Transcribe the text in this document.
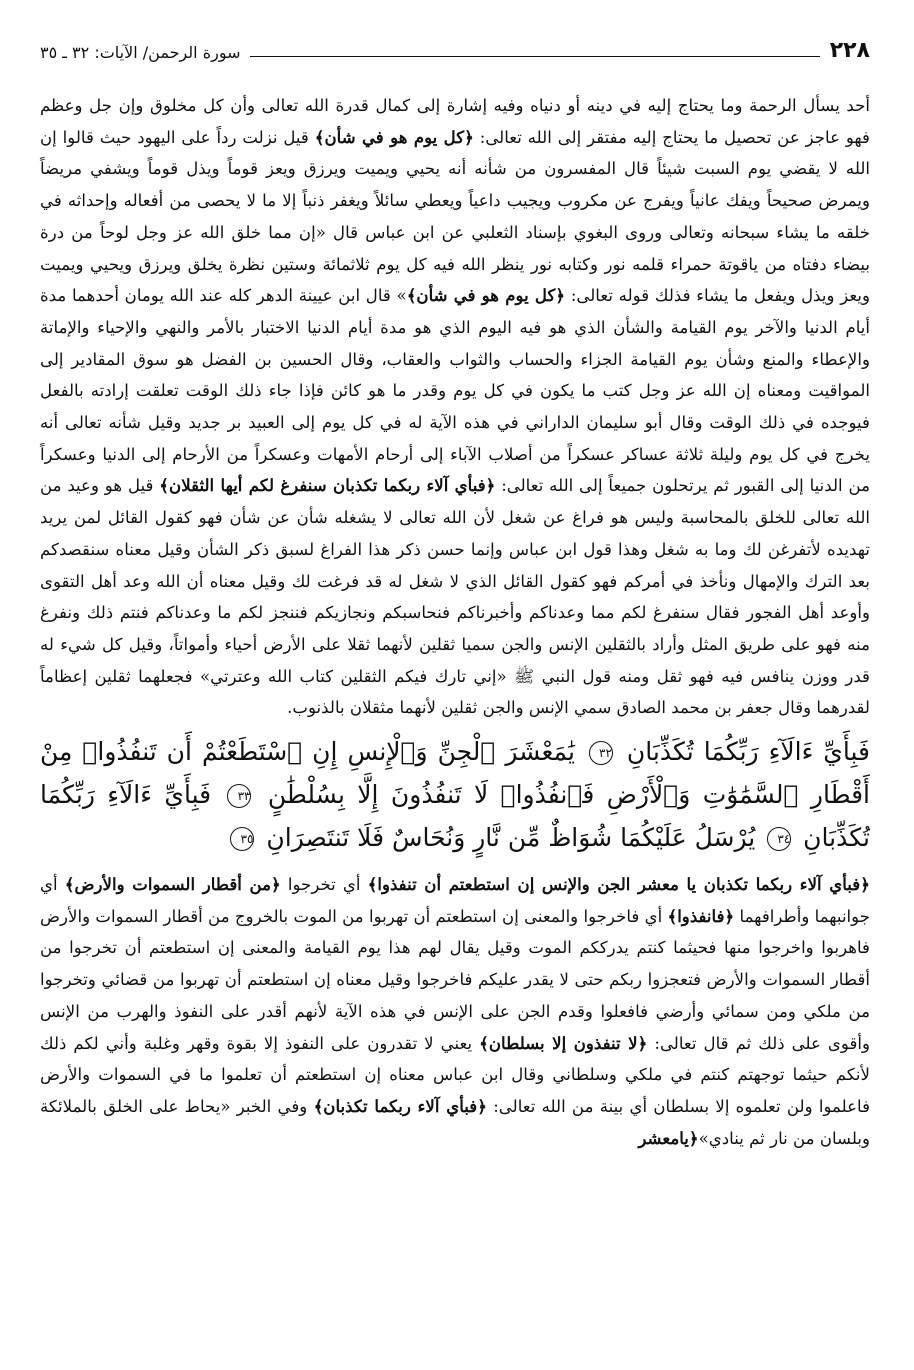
٢٢٨
سورة الرحمن/ الآيات: ٣٢ ـ ٣٥

أحد يسأل الرحمة وما يحتاج إليه في دينه أو دنياه وفيه إشارة إلى كمال قدرة الله تعالى وأن كل مخلوق وإن جل وعظم فهو عاجز عن تحصيل ما يحتاج إليه مفتقر إلى الله تعالى: ﴿كل يوم هو في شأن﴾ قيل نزلت رداً على اليهود حيث قالوا إن الله لا يقضي يوم السبت شيئاً قال المفسرون من شأنه أنه يحيي ويميت ويرزق ويعز قوماً ويذل قوماً ويشفي مريضاً ويمرض صحيحاً ويفك عانياً ويفرج عن مكروب ويجيب داعياً ويعطي سائلاً ويغفر ذنباً إلا ما لا يحصى من أفعاله وإحداثه في خلقه ما يشاء سبحانه وتعالى وروى البغوي بإسناد الثعلبي عن ابن عباس قال «إن مما خلق الله عز وجل لوحاً من درة بيضاء دفتاه من ياقوتة حمراء قلمه نور وكتابه نور ينظر الله فيه كل يوم ثلاثمائة وستين نظرة يخلق ويرزق ويحيي ويميت ويعز ويذل ويفعل ما يشاء فذلك قوله تعالى: ﴿كل يوم هو في شأن﴾» قال ابن عيينة الدهر كله عند الله يومان أحدهما مدة أيام الدنيا والآخر يوم القيامة والشأن الذي هو فيه اليوم الذي هو مدة أيام الدنيا الاختبار بالأمر والنهي والإحياء والإماتة والإعطاء والمنع وشأن يوم القيامة الجزاء والحساب والثواب والعقاب، وقال الحسين بن الفضل هو سوق المقادير إلى المواقيت ومعناه إن الله عز وجل كتب ما يكون في كل يوم وقدر ما هو كائن فإذا جاء ذلك الوقت تعلقت إرادته بالفعل فيوجده في ذلك الوقت وقال أبو سليمان الداراني في هذه الآية له في كل يوم إلى العبيد بر جديد وقيل شأنه تعالى أنه يخرج في كل يوم وليلة ثلاثة عساكر عسكراً من أصلاب الآباء إلى أرحام الأمهات وعسكراً من الأرحام إلى الدنيا وعسكراً من الدنيا إلى القبور ثم يرتحلون جميعاً إلى الله تعالى: ﴿فبأي آلاء ربكما تكذبان سنفرغ لكم أيها الثقلان﴾ قيل هو وعيد من الله تعالى للخلق بالمحاسبة وليس هو فراغ عن شغل لأن الله تعالى لا يشغله شأن عن شأن فهو كقول القائل لمن يريد تهديده لأتفرغن لك وما به شغل وهذا قول ابن عباس وإنما حسن ذكر هذا الفراغ لسبق ذكر الشأن وقيل معناه سنقصدكم بعد الترك والإمهال ونأخذ في أمركم فهو كقول القائل الذي لا شغل له قد فرغت لك وقيل معناه أن الله وعد أهل التقوى وأوعد أهل الفجور فقال سنفرغ لكم مما وعدناكم وأخبرناكم فنحاسبكم ونجازيكم فننجز لكم ما وعدناكم فنتم ذلك ونفرغ منه فهو على طريق المثل وأراد بالثقلين الإنس والجن سميا ثقلين لأنهما ثقلا على الأرض أحياء وأمواتاً، وقيل كل شيء له قدر ووزن ينافس فيه فهو ثقل ومنه قول النبي ﷺ «إني تارك فيكم الثقلين كتاب الله وعترتي» فجعلهما ثقلين إعظاماً لقدرهما وقال جعفر بن محمد الصادق سمي الإنس والجن ثقلين لأنهما مثقلان بالذنوب.

فَبِأَيِّ ءَالَآءِ رَبِّكُمَا تُكَذِّبَانِ ٣٢ يَٰمَعْشَرَ ٱلْجِنِّ وَٱلْإِنسِ إِنِ ٱسْتَطَعْتُمْ أَن تَنفُذُوا۟ مِنْ أَقْطَارِ ٱلسَّمَٰوَٰتِ وَٱلْأَرْضِ فَٱنفُذُوا۟ لَا تَنفُذُونَ إِلَّا بِسُلْطَٰنٍ ٣٣ فَبِأَيِّ ءَالَآءِ رَبِّكُمَا تُكَذِّبَانِ ٣٤ يُرْسَلُ عَلَيْكُمَا شُوَاظٌ مِّن نَّارٍ وَنُحَاسٌ فَلَا تَنتَصِرَانِ ٣٥

﴿فبأي آلاء ربكما تكذبان يا معشر الجن والإنس إن استطعتم أن تنفذوا﴾ أي تخرجوا ﴿من أقطار السموات والأرض﴾ أي جوانبهما وأطرافهما ﴿فانفذوا﴾ أي فاخرجوا والمعنى إن استطعتم أن تهربوا من الموت بالخروج من أقطار السموات والأرض فاهربوا واخرجوا منها فحيثما كنتم يدرككم الموت وقيل يقال لهم هذا يوم القيامة والمعنى إن استطعتم أن تخرجوا من أقطار السموات والأرض فتعجزوا ربكم حتى لا يقدر عليكم فاخرجوا وقيل معناه إن استطعتم أن تهربوا من قضائي وتخرجوا من ملكي ومن سمائي وأرضي فافعلوا وقدم الجن على الإنس في هذه الآية لأنهم أقدر على النفوذ والهرب من الإنس وأقوى على ذلك ثم قال تعالى: ﴿لا تنفذون إلا بسلطان﴾ يعني لا تقدرون على النفوذ إلا بقوة وقهر وغلبة وأني لكم ذلك لأنكم حيثما توجهتم كنتم في ملكي وسلطاني وقال ابن عباس معناه إن استطعتم أن تعلموا ما في السموات والأرض فاعلموا ولن تعلموه إلا بسلطان أي بينة من الله تعالى: ﴿فبأي آلاء ربكما تكذبان﴾ وفي الخبر «يحاط على الخلق بالملائكة وبلسان من نار ثم ينادي»﴿يامعشر
